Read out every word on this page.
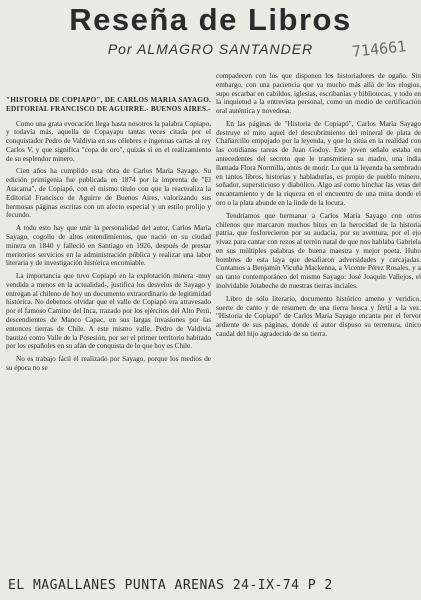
Reseña de Libros
Por ALMAGRO SANTANDER	714661
"HISTORIA DE COPIAPO", DE CARLOS MARIA SAYAGO. EDITORIAL FRANCISCO DE AGUIRRE.- BUENOS AIRES.-

Como una grata evocación llega hasta nosotros la palabra Copiapo, y todavía más, aquella de Copayapu tantas veces citada por el conquistador Pedro de Valdivia en sus célebres e ingenuas cartas al rey Carlos V, y que significa "copa de oro", quizás si en el realizamiento de su esplendor minero.

Cien años ha cumplido esta obra de Carlos María Sayago. Su edición primigenia fue publicada en 1874 por la imprenta de "El Atacama", de Copiapó, con el mismo título con que la reactualiza la Editorial Francisco de Aguirre de Buenos Aires, valorizando sus hermosas páginas escritas con un afecto especial y un estilo prolijo y fecundo.

A todo esto hay que unir la personalidad del autor, Carlos María Sayago, cogollo de altos entendimientos, que nació en su ciudad minera en 1840 y falleció en Santiago en 1926, después de prestar meritorios servicios en la administración pública y realizar una labor literaria y de investigación histórica encomiable.

La importancia que tuvo Copiapó en la explotación minera -muy vendida a menos en la actualidad-, justifica los desvelos de Sayago y entregan al chileno de hoy un documento extraordinario de legitimidad histórica. No debemos olvidar que el valle de Copiapó era atravesado por el famoso Camino del Inca, trazado por los ejércitos del Alto Perú, descendientes de Manco Capac, en sus largas invasiones por las entonces tierras de Chile. A este mismo valle, Pedro de Valdivia bautizó como Valle de la Posesión, por ser el primer territorio habitado por los españoles en su afán de conquista de lo que hoy es Chile.

No es trabajo fácil el realizado por Sayago, porque los medios de su época no se

compadecen con los que disponen los historiadores de ogaño. Sin embargo, con una paciencia que va mucho más allá de los elogios, supo escarbar en cabildos, iglesias, escribanías y bibliotecas, y todo en la inquietud a la entrevista personal, como un medio de certificación oral auténtica y novedosa.

En las páginas de "Historia de Copiapó", Carlos María Sayago destruye el mito aquel del descubrimiento del mineral de plata de Chañarcillo empujado por la leyenda, y que lo sitúa en la realidad con las cotidianas tareas de Juan Godoy. Este joven señalo estaba en antecedentes del secreto que le transmitiera su madre, una india llamada Flora Normilla, antes de morir. Lo que la leyenda ha sembrado en tantos libros, historias y habladurías, es propio de pueblo minero, soñador, supersticioso y diabólico. Algo así como hinchar las vetas del encantamiento y de la riqueza en el encuentro de una mina donde el oro o la plata abunde en la linde de la locura.

Tendríamos que hermanar a Carlos María Sayago con otros chilenos que marcaron muchos hitos en la herocidad de la historia patria, que fosforecieron por su audacia, por su aventura, por el ejo vivaz para cantar con rezos al terrón natal de que nos hablaba Gabriela en sus múltiples palabras de buena maestra y mejor poeta. Hubo hombres de esta laya que desafiaron adversidades y carcajadas. Contamos a Benjamín Vicuña Mackenna, a Vicente Pérez Rosales, y a un tanto contemporáneo del mismo Sayago: José Joaquín Vallejos, el inolvidable Jotabeche de nuestras tierras inciales.

Libro de sólo literario, documento histórico ameno y veridico, suerte de canto y de resumen de una tierra hosca y fértil a la vez. "Historia de Copiapó" de Carlos María Sayago encanta por el fervor ardiente de sus páginas, donde el autor dispuso su terrenura, único caudal del hijo agradecido de su tierra.

EL MAGALLANES PUNTA ARENAS 24-IX-74 P 2
